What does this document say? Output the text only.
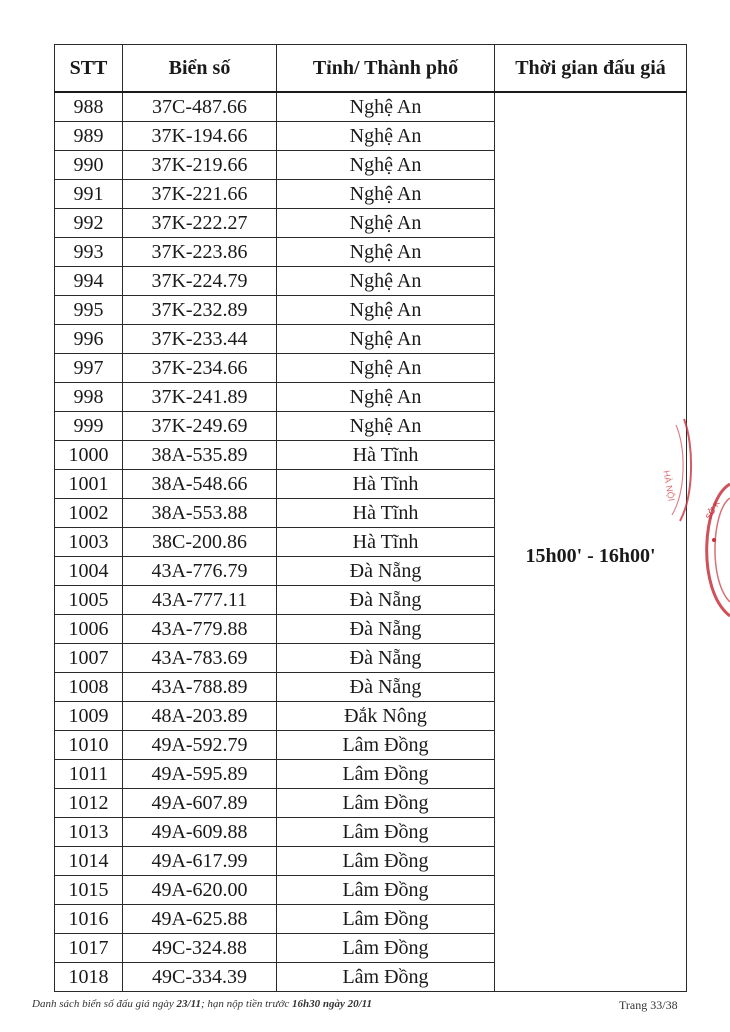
STT	Biển số	Tỉnh/ Thành phố	Thời gian đấu giá
988	37C-487.66	Nghệ An	15h00' - 16h00'
989	37K-194.66	Nghệ An	
990	37K-219.66	Nghệ An	
991	37K-221.66	Nghệ An	
992	37K-222.27	Nghệ An	
993	37K-223.86	Nghệ An	
994	37K-224.79	Nghệ An	
995	37K-232.89	Nghệ An	
996	37K-233.44	Nghệ An	
997	37K-234.66	Nghệ An	
998	37K-241.89	Nghệ An	
999	37K-249.69	Nghệ An	
1000	38A-535.89	Hà Tĩnh	
1001	38A-548.66	Hà Tĩnh	
1002	38A-553.88	Hà Tĩnh	
1003	38C-200.86	Hà Tĩnh	
1004	43A-776.79	Đà Nẵng	
1005	43A-777.11	Đà Nẵng	
1006	43A-779.88	Đà Nẵng	
1007	43A-783.69	Đà Nẵng	
1008	43A-788.89	Đà Nẵng	
1009	48A-203.89	Đắk Nông	
1010	49A-592.79	Lâm Đồng	
1011	49A-595.89	Lâm Đồng	
1012	49A-607.89	Lâm Đồng	
1013	49A-609.88	Lâm Đồng	
1014	49A-617.99	Lâm Đồng	
1015	49A-620.00	Lâm Đồng	
1016	49A-625.88	Lâm Đồng	
1017	49C-324.88	Lâm Đồng	
1018	49C-334.39	Lâm Đồng	
HÀ NỘI
SỞ K
Danh sách biển số đấu giá ngày 23/11; hạn nộp tiền trước 16h30 ngày 20/11	Trang 33/38
